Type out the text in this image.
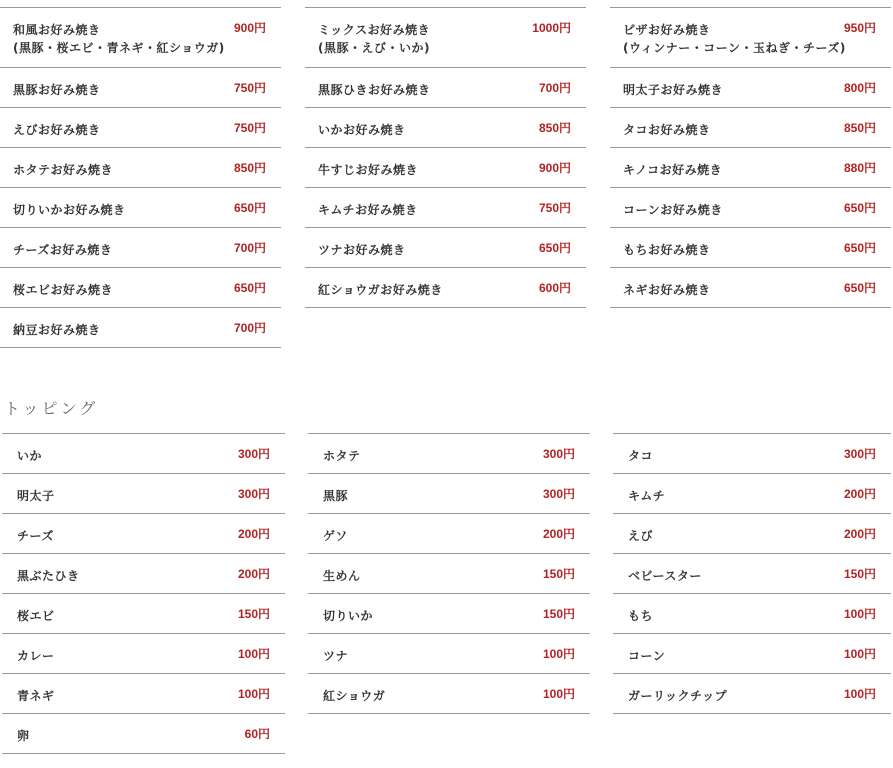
和風お好み焼き
(黒豚・桜エビ・青ネギ・紅ショウガ)
900円
黒豚お好み焼き	750円
えびお好み焼き	750円
ホタテお好み焼き	850円
切りいかお好み焼き	650円
チーズお好み焼き	700円
桜エビお好み焼き	650円
納豆お好み焼き	700円
ミックスお好み焼き
(黒豚・えび・いか)
1000円
黒豚ひきお好み焼き	700円
いかお好み焼き	850円
牛すじお好み焼き	900円
キムチお好み焼き	750円
ツナお好み焼き	650円
紅ショウガお好み焼き	600円
ピザお好み焼き
(ウィンナー・コーン・玉ねぎ・チーズ)
950円
明太子お好み焼き	800円
タコお好み焼き	850円
キノコお好み焼き	880円
コーンお好み焼き	650円
もちお好み焼き	650円
ネギお好み焼き	650円
トッピング
いか	300円
明太子	300円
チーズ	200円
黒ぶたひき	200円
桜エビ	150円
カレー	100円
青ネギ	100円
卵	60円
ホタテ	300円
黒豚	300円
ゲソ	200円
生めん	150円
切りいか	150円
ツナ	100円
紅ショウガ	100円
タコ	300円
キムチ	200円
えび	200円
ベビースター	150円
もち	100円
コーン	100円
ガーリックチップ	100円
